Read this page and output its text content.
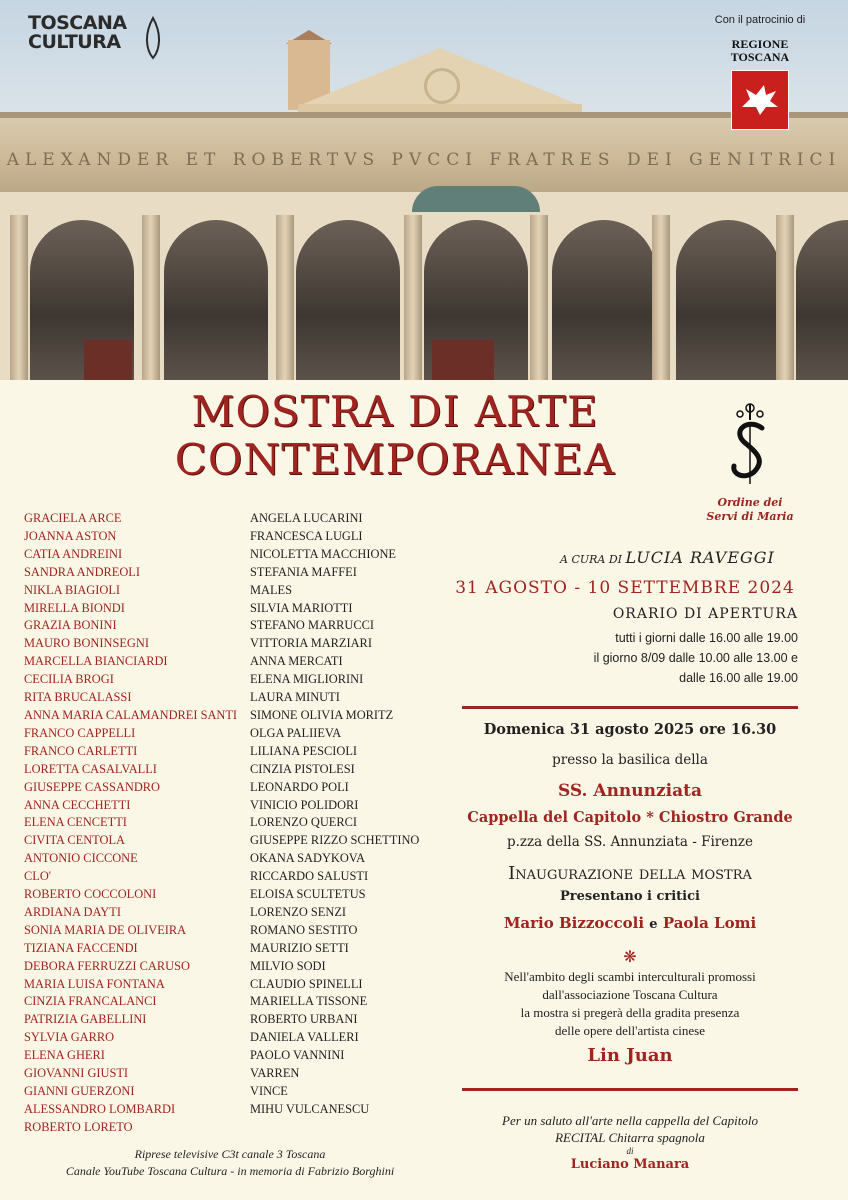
ALEXANDER ET ROBERTVS PVCCI FRATRES DEI GENITRICI
TOSCANA
CULTURA
Con il patrocinio di
REGIONE
TOSCANA
MOSTRA DI ARTE
CONTEMPORANEA
Ordine dei
Servi di Maria
GRACIELA ARCE
JOANNA ASTON
CATIA ANDREINI
SANDRA ANDREOLI
NIKLA BIAGIOLI
MIRELLA BIONDI
GRAZIA BONINI
MAURO BONINSEGNI
MARCELLA BIANCIARDI
CECILIA BROGI
RITA BRUCALASSI
ANNA MARIA CALAMANDREI SANTI
FRANCO CAPPELLI
FRANCO CARLETTI
LORETTA CASALVALLI
GIUSEPPE CASSANDRO
ANNA CECCHETTI
ELENA CENCETTI
CIVITA CENTOLA
ANTONIO CICCONE
CLO'
ROBERTO COCCOLONI
ARDIANA DAYTI
SONIA MARIA DE OLIVEIRA
TIZIANA FACCENDI
DEBORA FERRUZZI CARUSO
MARIA LUISA FONTANA
CINZIA FRANCALANCI
PATRIZIA GABELLINI
SYLVIA GARRO
ELENA GHERI
GIOVANNI GIUSTI
GIANNI GUERZONI
ALESSANDRO LOMBARDI
ROBERTO LORETO
ANGELA LUCARINI
FRANCESCA LUGLI
NICOLETTA MACCHIONE
STEFANIA MAFFEI
MALES
SILVIA MARIOTTI
STEFANO MARRUCCI
VITTORIA MARZIARI
ANNA MERCATI
ELENA MIGLIORINI
LAURA MINUTI
SIMONE OLIVIA MORITZ
OLGA PALIIEVA
LILIANA PESCIOLI
CINZIA PISTOLESI
LEONARDO POLI
VINICIO POLIDORI
LORENZO QUERCI
GIUSEPPE RIZZO SCHETTINO
OKANA SADYKOVA
RICCARDO SALUSTI
ELOISA SCULTETUS
LORENZO SENZI
ROMANO SESTITO
MAURIZIO SETTI
MILVIO SODI
CLAUDIO SPINELLI
MARIELLA TISSONE
ROBERTO URBANI
DANIELA VALLERI
PAOLO VANNINI
VARREN
VINCE
MIHU VULCANESCU
A CURA DI LUCIA RAVEGGI
31 AGOSTO - 10 SETTEMBRE 2024
ORARIO DI APERTURA
tutti i giorni dalle 16.00 alle 19.00
il giorno 8/09 dalle 10.00 alle 13.00 e
dalle 16.00 alle 19.00
Domenica 31 agosto 2025 ore 16.30
presso la basilica della
SS. Annunziata
Cappella del Capitolo * Chiostro Grande
p.zza della SS. Annunziata - Firenze
Inaugurazione della mostra
Presentano i critici
Mario Bizzoccoli e Paola Lomi
❋
Nell'ambito degli scambi interculturali promossi
dall'associazione Toscana Cultura
la mostra si pregerà della gradita presenza
delle opere dell'artista cinese
Lin Juan
Per un saluto all'arte nella cappella del Capitolo
RECITAL Chitarra spagnola
di
Luciano Manara
Riprese televisive C3t canale 3 Toscana
Canale YouTube Toscana Cultura - in memoria di Fabrizio Borghini
